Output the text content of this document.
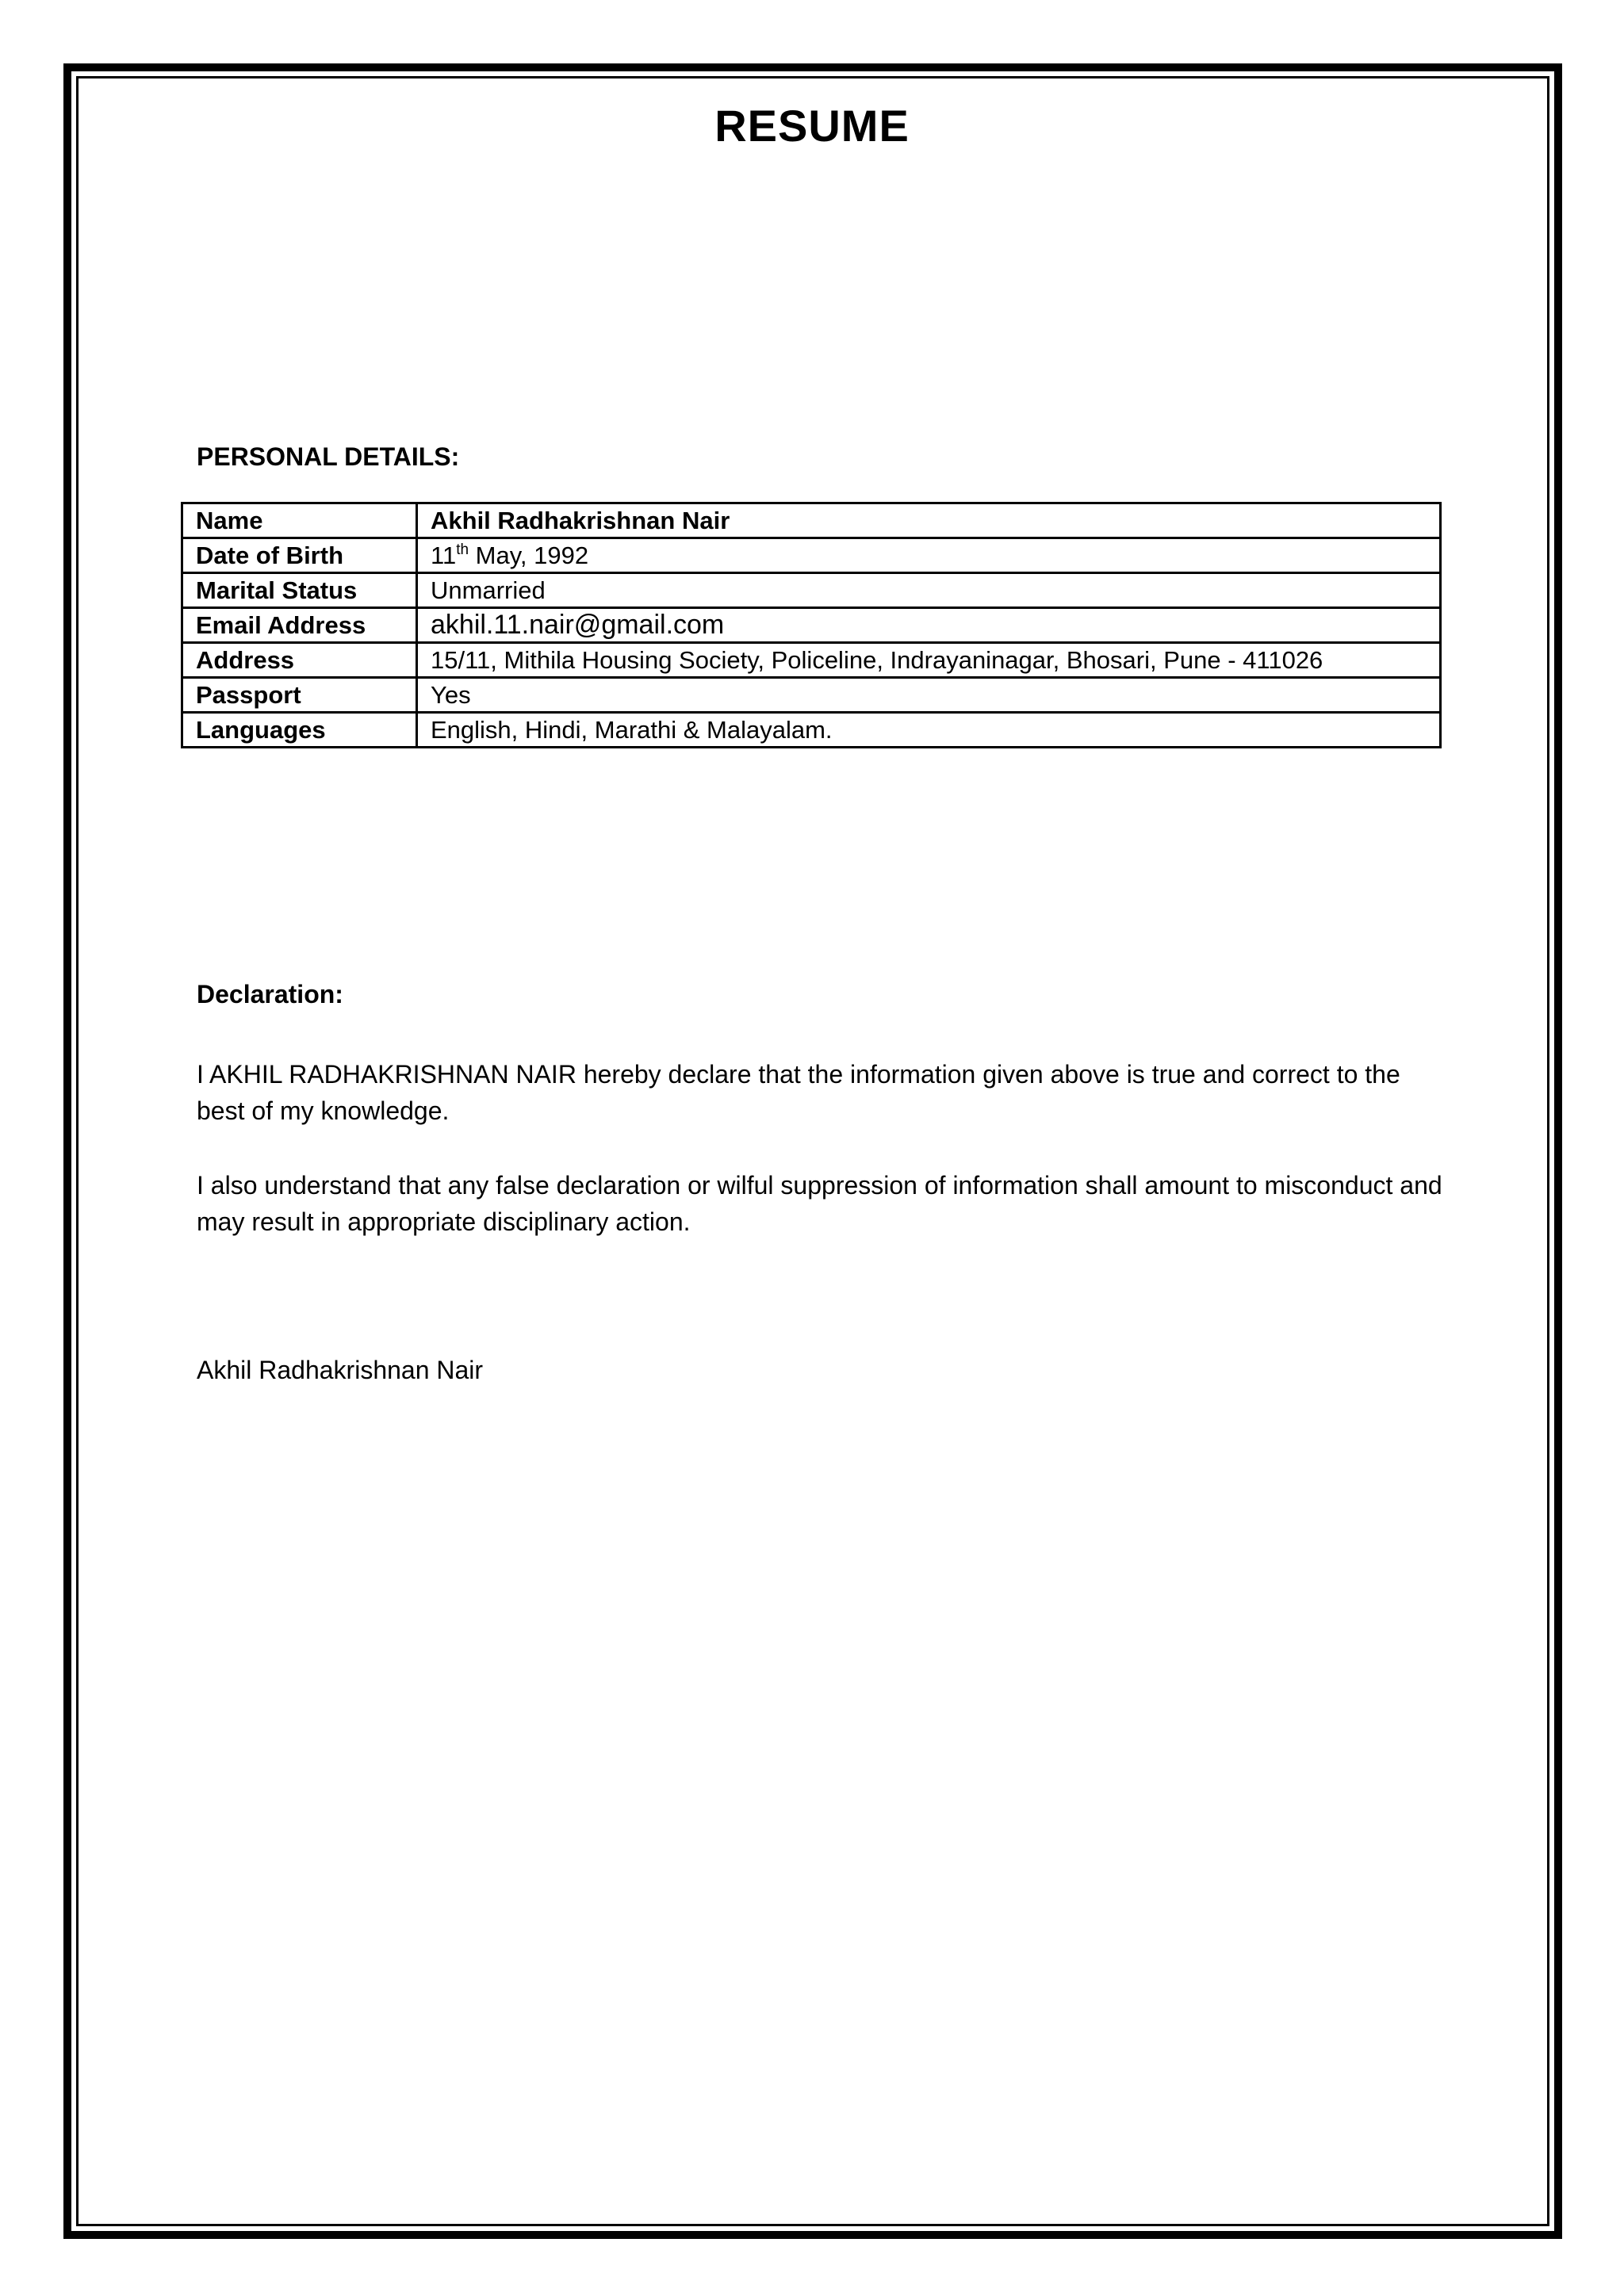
RESUME
PERSONAL DETAILS:
Name	Akhil Radhakrishnan Nair
Date of Birth	11th May, 1992
Marital Status	Unmarried
Email Address	akhil.11.nair@gmail.com
Address	15/11, Mithila Housing Society, Policeline, Indrayaninagar, Bhosari, Pune - 411026
Passport	Yes
Languages	English, Hindi, Marathi & Malayalam.
Declaration:
I AKHIL RADHAKRISHNAN NAIR hereby declare that the information given above is true and correct to the best of my knowledge.
I also understand that any false declaration or wilful suppression of information shall amount to misconduct and may result in appropriate disciplinary action.
Akhil Radhakrishnan Nair
